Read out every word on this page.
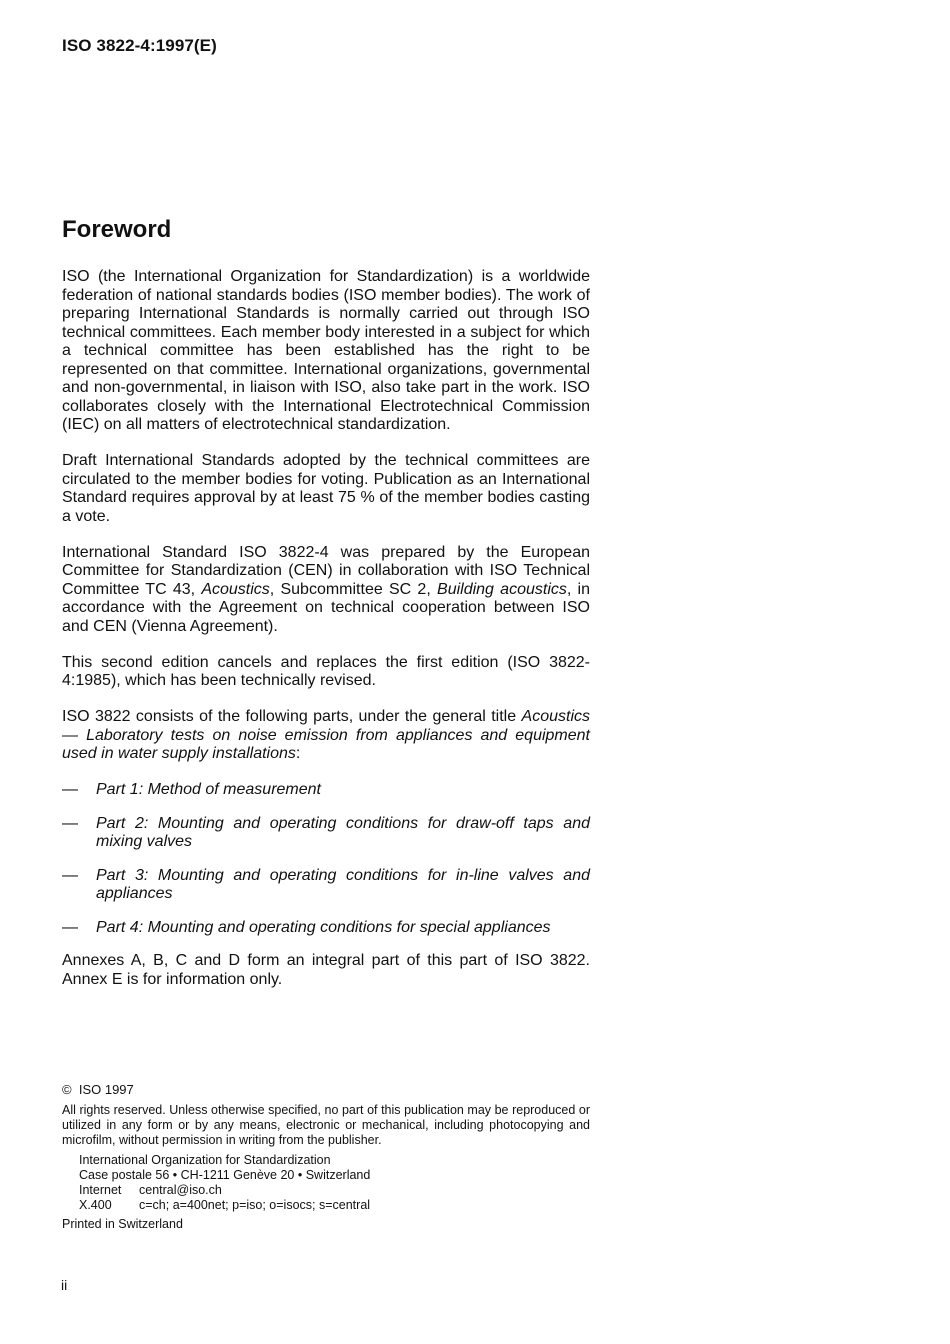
ISO 3822-4:1997(E)
Foreword

ISO (the International Organization for Standardization) is a worldwide federation of national standards bodies (ISO member bodies). The work of preparing International Standards is normally carried out through ISO technical committees. Each member body interested in a subject for which a technical committee has been established has the right to be represented on that committee. International organizations, governmental and non-governmental, in liaison with ISO, also take part in the work. ISO collaborates closely with the International Electrotechnical Commission (IEC) on all matters of electrotechnical standardization.

Draft International Standards adopted by the technical committees are circulated to the member bodies for voting. Publication as an International Standard requires approval by at least 75 % of the member bodies casting a vote.

International Standard ISO 3822-4 was prepared by the European Committee for Standardization (CEN) in collaboration with ISO Technical Committee TC 43, Acoustics, Subcommittee SC 2, Building acoustics, in accordance with the Agreement on technical cooperation between ISO and CEN (Vienna Agreement).

This second edition cancels and replaces the first edition (ISO 3822-4:1985), which has been technically revised.

ISO 3822 consists of the following parts, under the general title Acoustics — Laboratory tests on noise emission from appliances and equipment used in water supply installations:

—	Part 1: Method of measurement
—	Part 2: Mounting and operating conditions for draw-off taps and mixing valves
—	Part 3: Mounting and operating conditions for in-line valves and appliances
—	Part 4: Mounting and operating conditions for special appliances

Annexes A, B, C and D form an integral part of this part of ISO 3822. Annex E is for information only.

© ISO 1997

All rights reserved. Unless otherwise specified, no part of this publication may be reproduced or utilized in any form or by any means, electronic or mechanical, including photocopying and microfilm, without permission in writing from the publisher.

International Organization for Standardization
Case postale 56 • CH-1211 Genève 20 • Switzerland
Internet	central@iso.ch
X.400	c=ch; a=400net; p=iso; o=isocs; s=central

Printed in Switzerland

ii
